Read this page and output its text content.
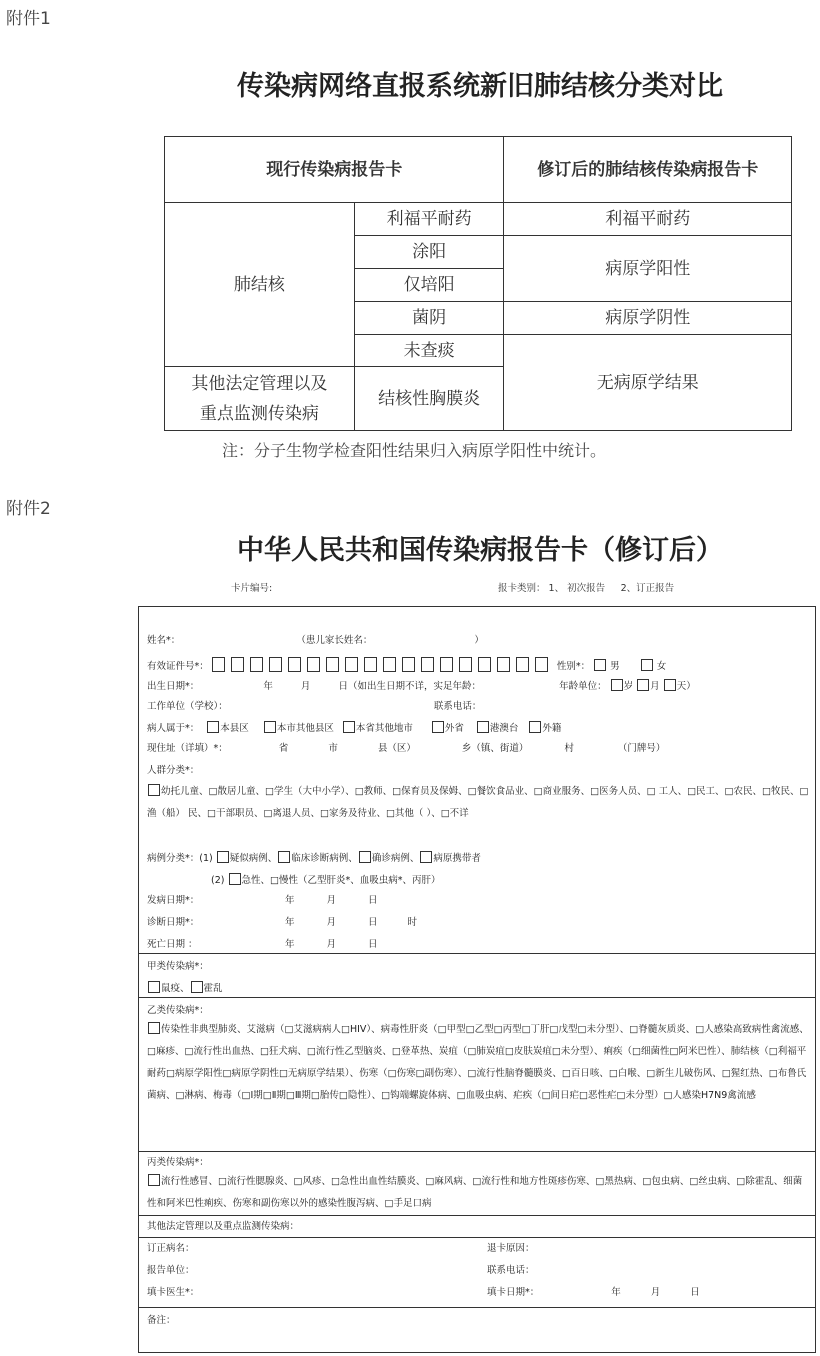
附件1
传染病网络直报系统新旧肺结核分类对比
现行传染病报告卡		修订后的肺结核传染病报告卡
肺结核	利福平耐药	利福平耐药
	涂阳	病原学阳性
	仅培阳	
	菌阴	病原学阴性
	未查痰	无病原学结果
其他法定管理以及重点监测传染病	结核性胸膜炎	
注：分子生物学检查阳性结果归入病原学阳性中统计。
附件2
中华人民共和国传染病报告卡（修订后）
卡片编号:	报卡类别： 1、 初次报告 　 2、订正报告
姓名*：	（患儿家长姓名：	）
有效证件号*：	性别*： 男	女
出生日期*：	年	月	日（如出生日期不详，实足年龄：	年龄单位： 岁 月 天）
工作单位（学校）：	联系电话：
病人属于*： 本县区	本市其他县区 本省其他地市	外省	港澳台	外籍
现住址（详填）*：	省	市	县（区）	乡（镇、街道）	村	（门牌号）
人群分类*：
幼托儿童、□散居儿童、□学生（大中小学）、□教师、□保育员及保姆、□餐饮食品业、□商业服务、□医务人员、□ 工人、□民工、□农民、□牧民、□渔（船） 民、□干部职员、□离退人员、□家务及待业、□其他（ ）、□不详
病例分类*：(1) 疑似病例、 临床诊断病例、 确诊病例、 病原携带者
(2) 急性、□慢性（乙型肝炎*、血吸虫病*、丙肝）
发病日期*：	年	月	日
诊断日期*：	年	月	日	时
死亡日期 ：	年	月	日
甲类传染病*：
鼠疫、 霍乱
乙类传染病*：
传染性非典型肺炎、艾滋病（□艾滋病病人□HIV）、病毒性肝炎（□甲型□乙型□丙型□丁肝□戊型□未分型）、□脊髓灰质炎、□人感染高致病性禽流感、□麻疹、□流行性出血热、□狂犬病、□流行性乙型脑炎、□登革热、炭疽（□肺炭疽□皮肤炭疽□未分型）、痢疾（□细菌性□阿米巴性）、肺结核（□利福平耐药□病原学阳性□病原学阴性□无病原学结果）、伤寒（□伤寒□副伤寒）、□流行性脑脊髓膜炎、□百日咳、□白喉、□新生儿破伤风、□猩红热、□布鲁氏菌病、□淋病、梅毒（□Ⅰ期□Ⅱ期□Ⅲ期□胎传□隐性）、□钩端螺旋体病、□血吸虫病、疟疾（□间日疟□恶性疟□未分型）□人感染H7N9禽流感
丙类传染病*：
流行性感冒、□流行性腮腺炎、□风疹、□急性出血性结膜炎、□麻风病、□流行性和地方性斑疹伤寒、□黑热病、□包虫病、□丝虫病、□除霍乱、细菌性和阿米巴性痢疾、伤寒和副伤寒以外的感染性腹泻病、□手足口病
其他法定管理以及重点监测传染病：
订正病名：	退卡原因：
报告单位：	联系电话：
填卡医生*：	填卡日期*：	年	月	日
备注：
